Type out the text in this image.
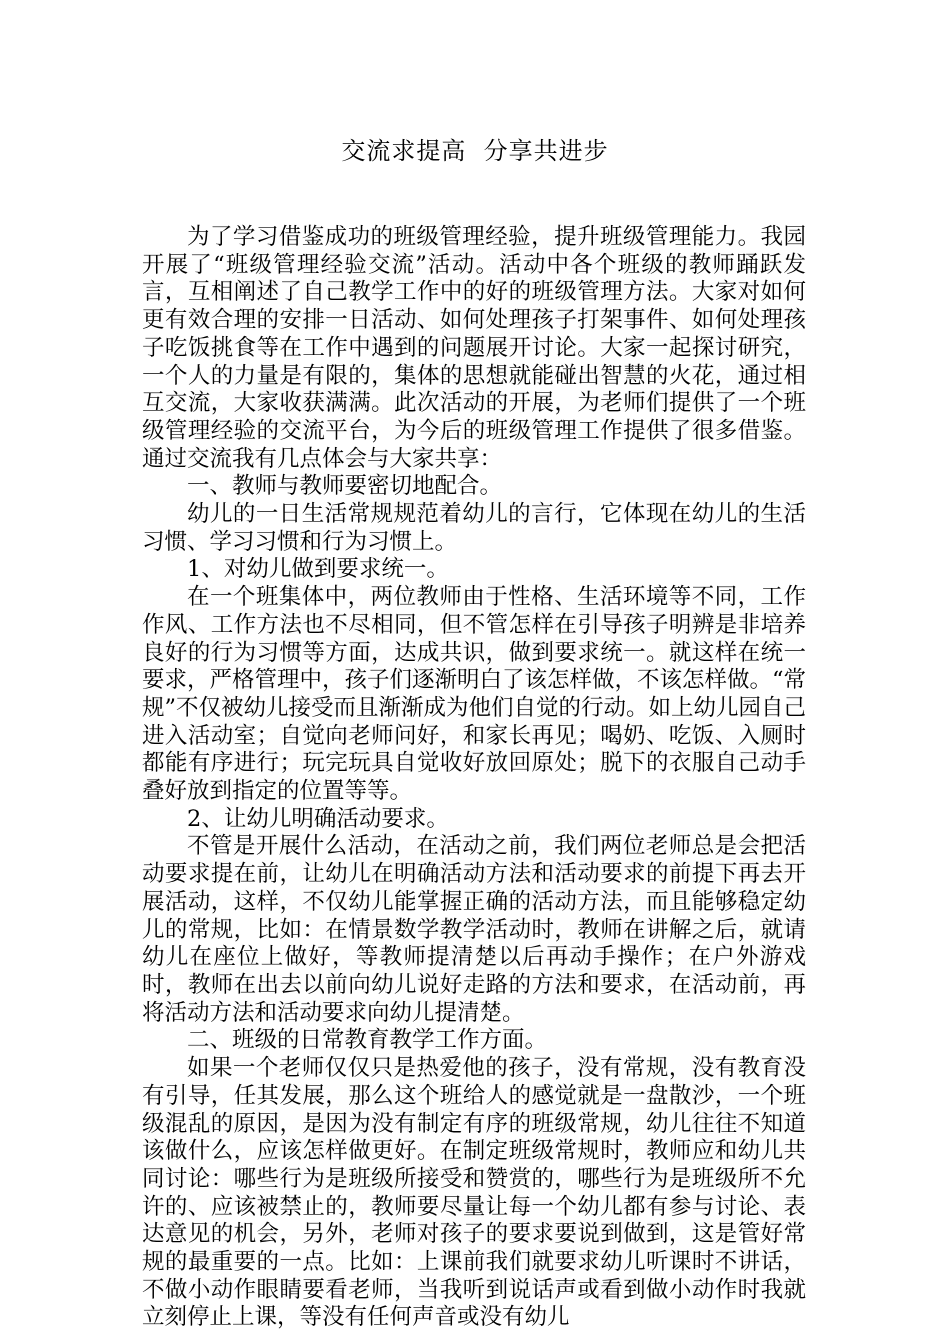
交流求提高  分享共进步

为了学习借鉴成功的班级管理经验，提升班级管理能力。我园开展了“班级管理经验交流”活动。活动中各个班级的教师踊跃发言，互相阐述了自己教学工作中的好的班级管理方法。大家对如何更有效合理的安排一日活动、如何处理孩子打架事件、如何处理孩子吃饭挑食等在工作中遇到的问题展开讨论。大家一起探讨研究，一个人的力量是有限的，集体的思想就能碰出智慧的火花，通过相互交流，大家收获满满。此次活动的开展，为老师们提供了一个班级管理经验的交流平台，为今后的班级管理工作提供了很多借鉴。通过交流我有几点体会与大家共享：

一、教师与教师要密切地配合。

幼儿的一日生活常规规范着幼儿的言行，它体现在幼儿的生活习惯、学习习惯和行为习惯上。

1、对幼儿做到要求统一。

在一个班集体中，两位教师由于性格、生活环境等不同，工作作风、工作方法也不尽相同，但不管怎样在引导孩子明辨是非培养良好的行为习惯等方面，达成共识，做到要求统一。就这样在统一要求，严格管理中，孩子们逐渐明白了该怎样做，不该怎样做。“常规”不仅被幼儿接受而且渐渐成为他们自觉的行动。如上幼儿园自己进入活动室；自觉向老师问好，和家长再见；喝奶、吃饭、入厕时都能有序进行；玩完玩具自觉收好放回原处；脱下的衣服自己动手叠好放到指定的位置等等。

2、让幼儿明确活动要求。

不管是开展什么活动，在活动之前，我们两位老师总是会把活动要求提在前，让幼儿在明确活动方法和活动要求的前提下再去开展活动，这样，不仅幼儿能掌握正确的活动方法，而且能够稳定幼儿的常规，比如：在情景数学教学活动时，教师在讲解之后，就请幼儿在座位上做好，等教师提清楚以后再动手操作；在户外游戏时，教师在出去以前向幼儿说好走路的方法和要求，在活动前，再将活动方法和活动要求向幼儿提清楚。

二、班级的日常教育教学工作方面。

如果一个老师仅仅只是热爱他的孩子，没有常规，没有教育没有引导，任其发展，那么这个班给人的感觉就是一盘散沙，一个班级混乱的原因，是因为没有制定有序的班级常规，幼儿往往不知道该做什么，应该怎样做更好。在制定班级常规时，教师应和幼儿共同讨论：哪些行为是班级所接受和赞赏的，哪些行为是班级所不允许的、应该被禁止的，教师要尽量让每一个幼儿都有参与讨论、表达意见的机会，另外，老师对孩子的要求要说到做到，这是管好常规的最重要的一点。比如：上课前我们就要求幼儿听课时不讲话，不做小动作眼睛要看老师，当我听到说话声或看到做小动作时我就立刻停止上课，等没有任何声音或没有幼儿
